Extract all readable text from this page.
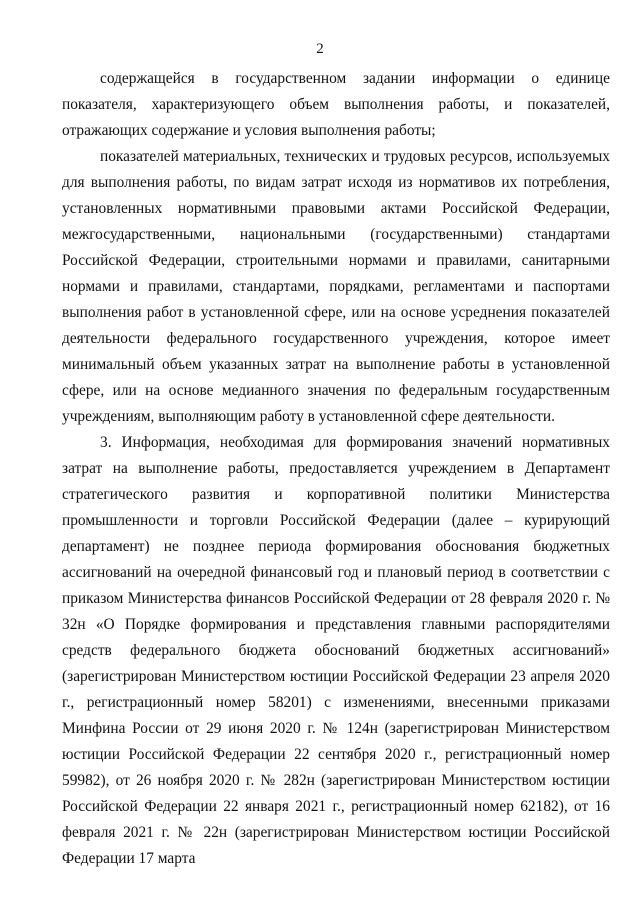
2

содержащейся в государственном задании информации о единице показателя, характеризующего объем выполнения работы, и показателей, отражающих содержание и условия выполнения работы;

показателей материальных, технических и трудовых ресурсов, используемых для выполнения работы, по видам затрат исходя из нормативов их потребления, установленных нормативными правовыми актами Российской Федерации, межгосударственными, национальными (государственными) стандартами Российской Федерации, строительными нормами и правилами, санитарными нормами и правилами, стандартами, порядками, регламентами и паспортами выполнения работ в установленной сфере, или на основе усреднения показателей деятельности федерального государственного учреждения, которое имеет минимальный объем указанных затрат на выполнение работы в установленной сфере, или на основе медианного значения по федеральным государственным учреждениям, выполняющим работу в установленной сфере деятельности.

3. Информация, необходимая для формирования значений нормативных затрат на выполнение работы, предоставляется учреждением в Департамент стратегического развития и корпоративной политики Министерства промышленности и торговли Российской Федерации (далее – курирующий департамент) не позднее периода формирования обоснования бюджетных ассигнований на очередной финансовый год и плановый период в соответствии с приказом Министерства финансов Российской Федерации от 28 февраля 2020 г. № 32н «О Порядке формирования и представления главными распорядителями средств федерального бюджета обоснований бюджетных ассигнований» (зарегистрирован Министерством юстиции Российской Федерации 23 апреля 2020 г., регистрационный номер 58201) с изменениями, внесенными приказами Минфина России от 29 июня 2020 г. № 124н (зарегистрирован Министерством юстиции Российской Федерации 22 сентября 2020 г., регистрационный номер 59982), от 26 ноября 2020 г. № 282н (зарегистрирован Министерством юстиции Российской Федерации 22 января 2021 г., регистрационный номер 62182), от 16 февраля 2021 г. № 22н (зарегистрирован Министерством юстиции Российской Федерации 17 марта
